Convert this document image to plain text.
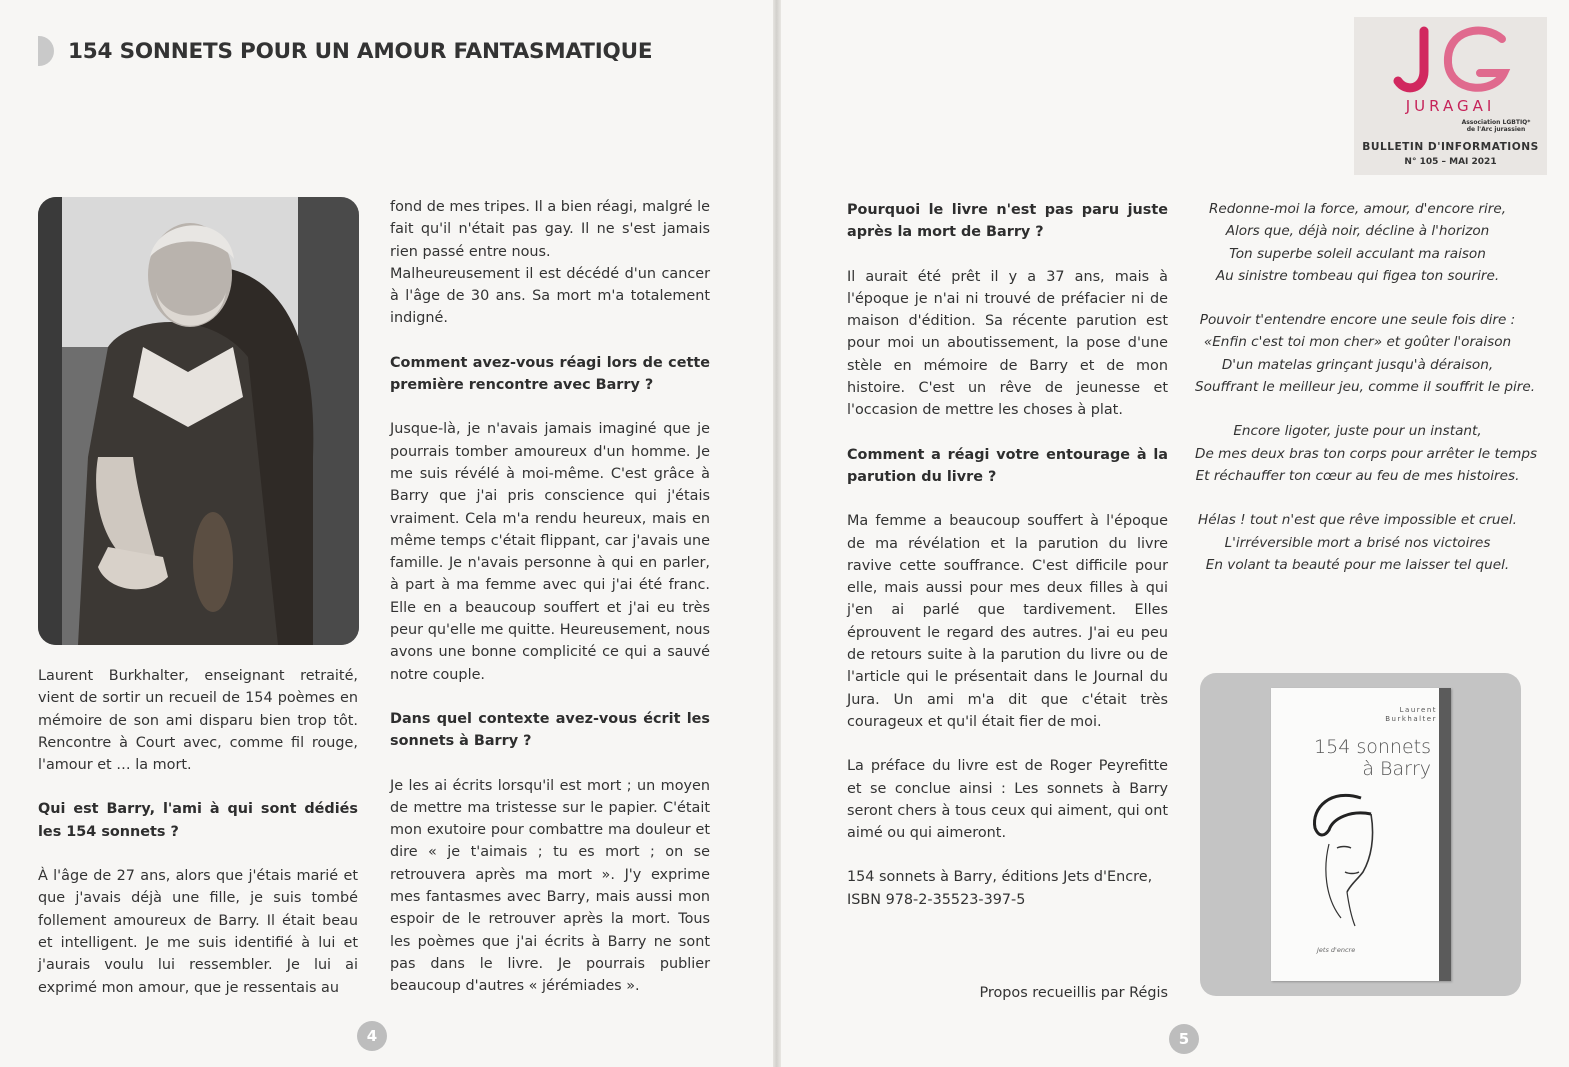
154 SONNETS POUR UN AMOUR FANTASMATIQUE

Laurent Burkhalter, enseignant retraité, vient de sortir un recueil de 154 poèmes en mémoire de son ami disparu bien trop tôt. Rencontre à Court avec, comme fil rouge, l'amour et … la mort.

Qui est Barry, l'ami à qui sont dédiés les 154 sonnets ?

À l'âge de 27 ans, alors que j'étais marié et que j'avais déjà une fille, je suis tombé follement amoureux de Barry. Il était beau et intelligent. Je me suis identifié à lui et j'aurais voulu lui ressembler. Je lui ai exprimé mon amour, que je ressentais au

fond de mes tripes. Il a bien réagi, malgré le fait qu'il n'était pas gay. Il ne s'est jamais rien passé entre nous.

Malheureusement il est décédé d'un cancer à l'âge de 30 ans. Sa mort m'a totalement indigné.

Comment avez-vous réagi lors de cette première rencontre avec Barry ?

Jusque-là, je n'avais jamais imaginé que je pourrais tomber amoureux d'un homme. Je me suis révélé à moi-même. C'est grâce à Barry que j'ai pris conscience qui j'étais vraiment. Cela m'a rendu heureux, mais en même temps c'était flippant, car j'avais une famille. Je n'avais personne à qui en parler, à part à ma femme avec qui j'ai été franc. Elle en a beaucoup souffert et j'ai eu très peur qu'elle me quitte. Heureusement, nous avons une bonne complicité ce qui a sauvé notre couple.

Dans quel contexte avez-vous écrit les sonnets à Barry ?

Je les ai écrits lorsqu'il est mort ; un moyen de mettre ma tristesse sur le papier. C'était mon exutoire pour combattre ma douleur et dire « je t'aimais ; tu es mort ; on se retrouvera après ma mort ». J'y exprime mes fantasmes avec Barry, mais aussi mon espoir de le retrouver après la mort. Tous les poèmes que j'ai écrits à Barry ne sont pas dans le livre. Je pourrais publier beaucoup d'autres « jérémiades ».

Pourquoi le livre n'est pas paru juste après la mort de Barry ?

Il aurait été prêt il y a 37 ans, mais à l'époque je n'ai ni trouvé de préfacier ni de maison d'édition. Sa récente parution est pour moi un aboutissement, la pose d'une stèle en mémoire de Barry et de mon histoire. C'est un rêve de jeunesse et l'occasion de mettre les choses à plat.

Comment a réagi votre entourage à la parution du livre ?

Ma femme a beaucoup souffert à l'époque de ma révélation et la parution du livre ravive cette souffrance. C'est difficile pour elle, mais aussi pour mes deux filles à qui j'en ai parlé que tardivement. Elles éprouvent le regard des autres. J'ai eu peu de retours suite à la parution du livre ou de l'article qui le présentait dans le Journal du Jura. Un ami m'a dit que c'était très courageux et qu'il était fier de moi.

La préface du livre est de Roger Peyrefitte et se conclue ainsi : Les sonnets à Barry seront chers à tous ceux qui aiment, qui ont aimé ou qui aimeront.

154 sonnets à Barry, éditions Jets d'Encre,
ISBN 978-2-35523-397-5

Propos recueillis par Régis
Redonne-moi la force, amour, d'encore rire,
Alors que, déjà noir, décline à l'horizon
Ton superbe soleil acculant ma raison
Au sinistre tombeau qui figea ton sourire.
Pouvoir t'entendre encore une seule fois dire :
«Enfin c'est toi mon cher» et goûter l'oraison
D'un matelas grinçant jusqu'à déraison,
Souffrant le meilleur jeu, comme il souffrit le pire.
Encore ligoter, juste pour un instant,
De mes deux bras ton corps pour arrêter le temps
Et réchauffer ton cœur au feu de mes histoires.
Hélas ! tout n'est que rêve impossible et cruel.
L'irréversible mort a brisé nos victoires
En volant ta beauté pour me laisser tel quel.
JURAGAI
Association LGBTIQ*
de l'Arc jurassien
BULLETIN D'INFORMATIONS
N° 105 – MAI 2021
Laurent
Burkhalter
154 sonnets
à Barry
Jets d'encre
4	5
